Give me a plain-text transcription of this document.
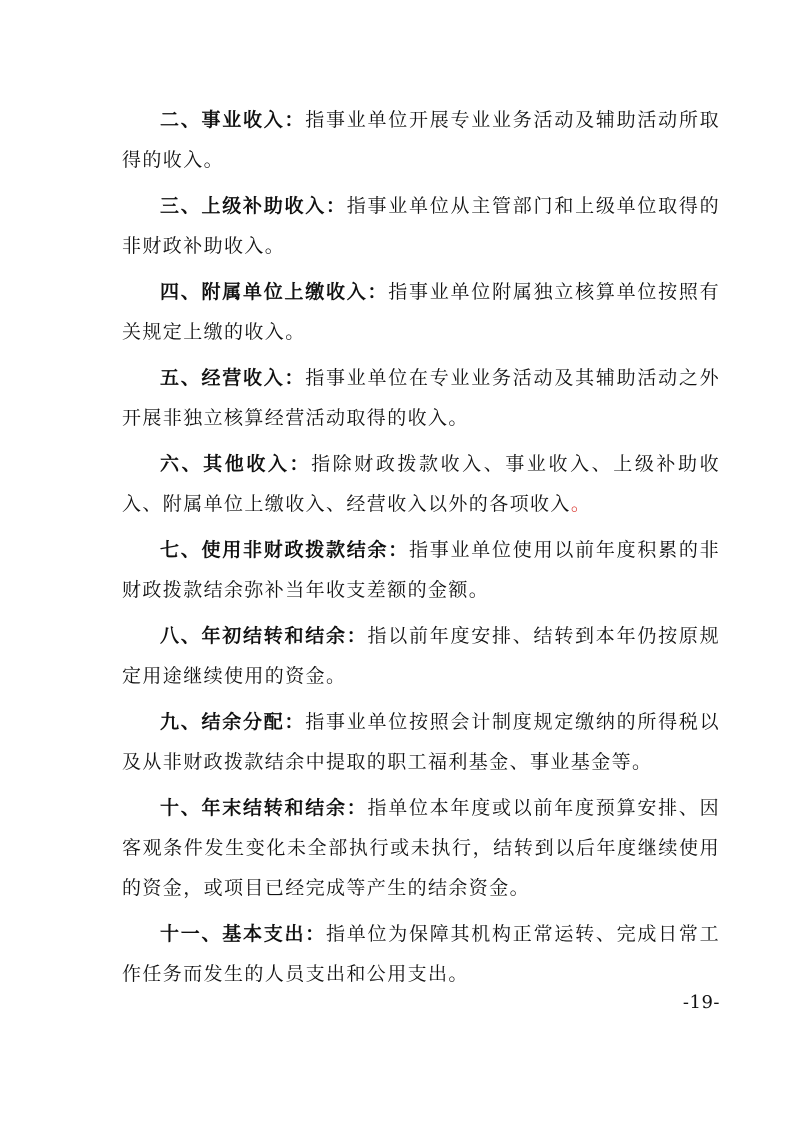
二、事业收入：指事业单位开展专业业务活动及辅助活动所取得的收入。

三、上级补助收入：指事业单位从主管部门和上级单位取得的非财政补助收入。

四、附属单位上缴收入：指事业单位附属独立核算单位按照有关规定上缴的收入。

五、经营收入：指事业单位在专业业务活动及其辅助活动之外开展非独立核算经营活动取得的收入。

六、其他收入：指除财政拨款收入、事业收入、上级补助收入、附属单位上缴收入、经营收入以外的各项收入。

七、使用非财政拨款结余：指事业单位使用以前年度积累的非财政拨款结余弥补当年收支差额的金额。

八、年初结转和结余：指以前年度安排、结转到本年仍按原规定用途继续使用的资金。

九、结余分配：指事业单位按照会计制度规定缴纳的所得税以及从非财政拨款结余中提取的职工福利基金、事业基金等。

十、年末结转和结余：指单位本年度或以前年度预算安排、因客观条件发生变化未全部执行或未执行，结转到以后年度继续使用的资金，或项目已经完成等产生的结余资金。

十一、基本支出：指单位为保障其机构正常运转、完成日常工作任务而发生的人员支出和公用支出。

-19-
